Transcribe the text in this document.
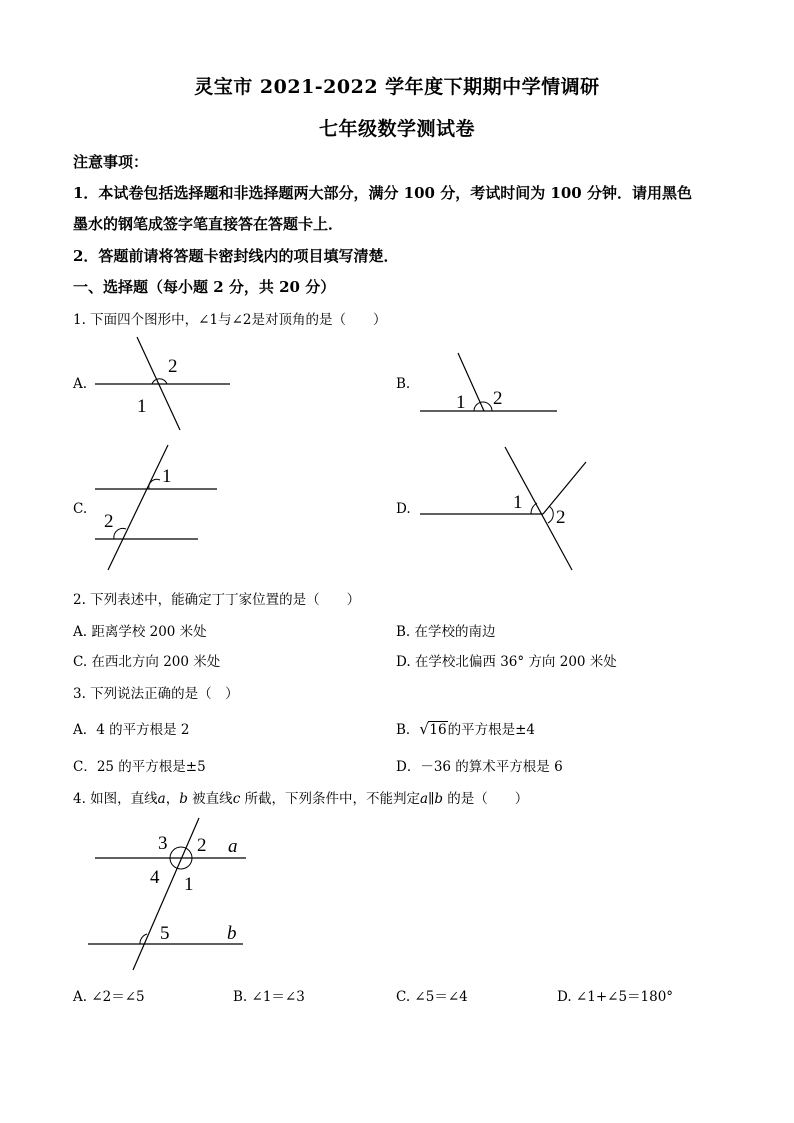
灵宝市 2021-2022 学年度下期期中学情调研
七年级数学测试卷
注意事项：
1．本试卷包括选择题和非选择题两大部分，满分 100 分，考试时间为 100 分钟．请用黑色
墨水的钢笔成签字笔直接答在答题卡上．
2．答题前请将答题卡密封线内的项目填写清楚．
一、选择题（每小题 2 分，共 20 分）
1. 下面四个图形中，∠1与∠2是对顶角的是（　　）
A.
2
1	1 2
1
2
1
2
3 2
4 1
5
a
b
B.
C.	D.
2. 下列表述中，能确定丁丁家位置的是（　　）
A. 距离学校 200 米处	B. 在学校的南边
C. 在西北方向 200 米处	D. 在学校北偏西 36° 方向 200 米处
3. 下列说法正确的是（　）
A．4 的平方根是 2	B．√ 16的平方根是±4
C．25 的平方根是±5	D．－36 的算术平方根是 6
4. 如图，直线a，b 被直线c 所截，下列条件中，不能判定a∥b 的是（　　）
A. ∠2＝∠5	B. ∠1＝∠3	C. ∠5＝∠4	D. ∠1+∠5＝180°
